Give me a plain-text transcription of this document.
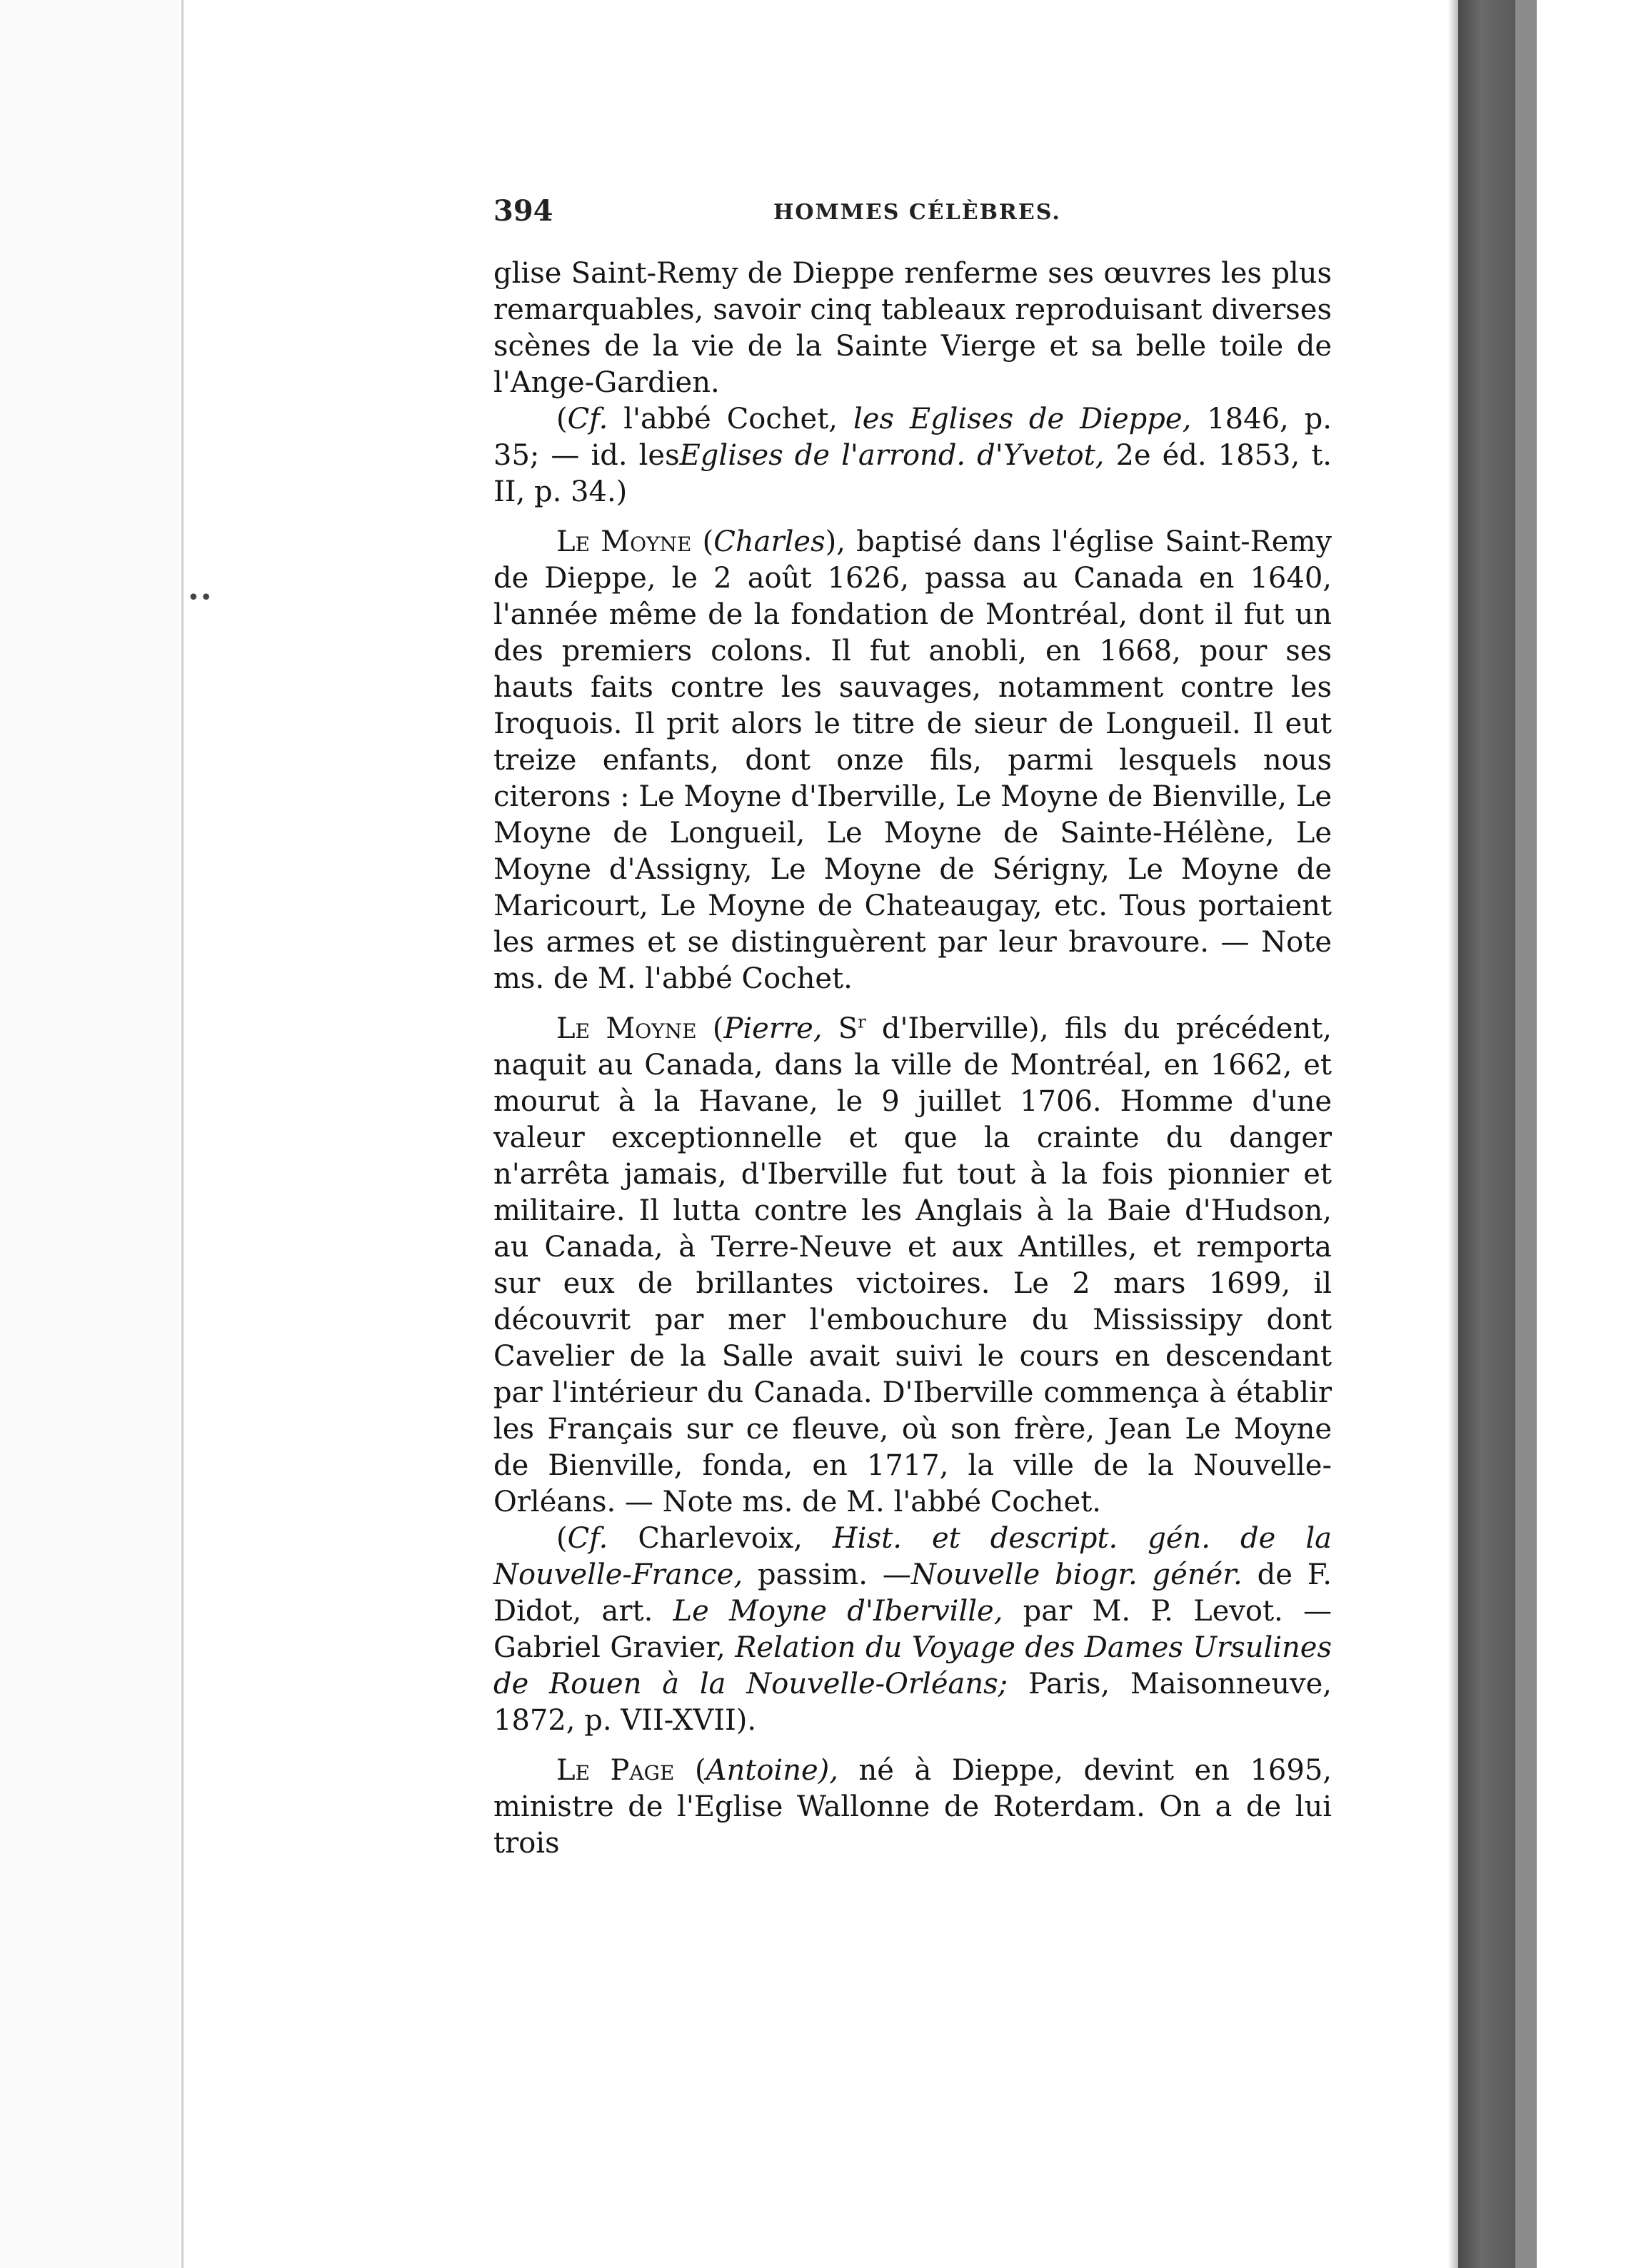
••
394	HOMMES CÉLÈBRES.

glise Saint-Remy de Dieppe renferme ses œuvres les plus remarquables, savoir cinq tableaux reproduisant diverses scènes de la vie de la Sainte Vierge et sa belle toile de l'Ange-Gardien.

(Cf. l'abbé Cochet, les Eglises de Dieppe, 1846, p. 35; — id. lesEglises de l'arrond. d'Yvetot, 2e éd. 1853, t. II, p. 34.)

Le Moyne (Charles), baptisé dans l'église Saint-Remy de Dieppe, le 2 août 1626, passa au Canada en 1640, l'année même de la fondation de Montréal, dont il fut un des premiers colons. Il fut anobli, en 1668, pour ses hauts faits contre les sauvages, notamment contre les Iroquois. Il prit alors le titre de sieur de Longueil. Il eut treize enfants, dont onze fils, parmi lesquels nous citerons : Le Moyne d'Iberville, Le Moyne de Bienville, Le Moyne de Longueil, Le Moyne de Sainte-Hélène, Le Moyne d'Assigny, Le Moyne de Sérigny, Le Moyne de Maricourt, Le Moyne de Chateaugay, etc. Tous portaient les armes et se distinguèrent par leur bravoure. — Note ms. de M. l'abbé Cochet.

Le Moyne (Pierre, $S^r$ d'Iberville), fils du précédent, naquit au Canada, dans la ville de Montréal, en 1662, et mourut à la Havane, le 9 juillet 1706. Homme d'une valeur exceptionnelle et que la crainte du danger n'arrêta jamais, d'Iberville fut tout à la fois pionnier et militaire. Il lutta contre les Anglais à la Baie d'Hudson, au Canada, à Terre-Neuve et aux Antilles, et remporta sur eux de brillantes victoires. Le 2 mars 1699, il découvrit par mer l'embouchure du Mississipy dont Cavelier de la Salle avait suivi le cours en descendant par l'intérieur du Canada. D'Iberville commença à établir les Français sur ce fleuve, où son frère, Jean Le Moyne de Bienville, fonda, en 1717, la ville de la Nouvelle-Orléans. — Note ms. de M. l'abbé Cochet.

(Cf. Charlevoix, Hist. et descript. gén. de la Nouvelle-France, passim. —Nouvelle biogr. génér. de F. Didot, art. Le Moyne d'Iberville, par M. P. Levot. — Gabriel Gravier, Relation du Voyage des Dames Ursulines de Rouen à la Nouvelle-Orléans; Paris, Maisonneuve, 1872, p. VII-XVII).

Le Page (Antoine), né à Dieppe, devint en 1695, ministre de l'Eglise Wallonne de Roterdam. On a de lui trois
